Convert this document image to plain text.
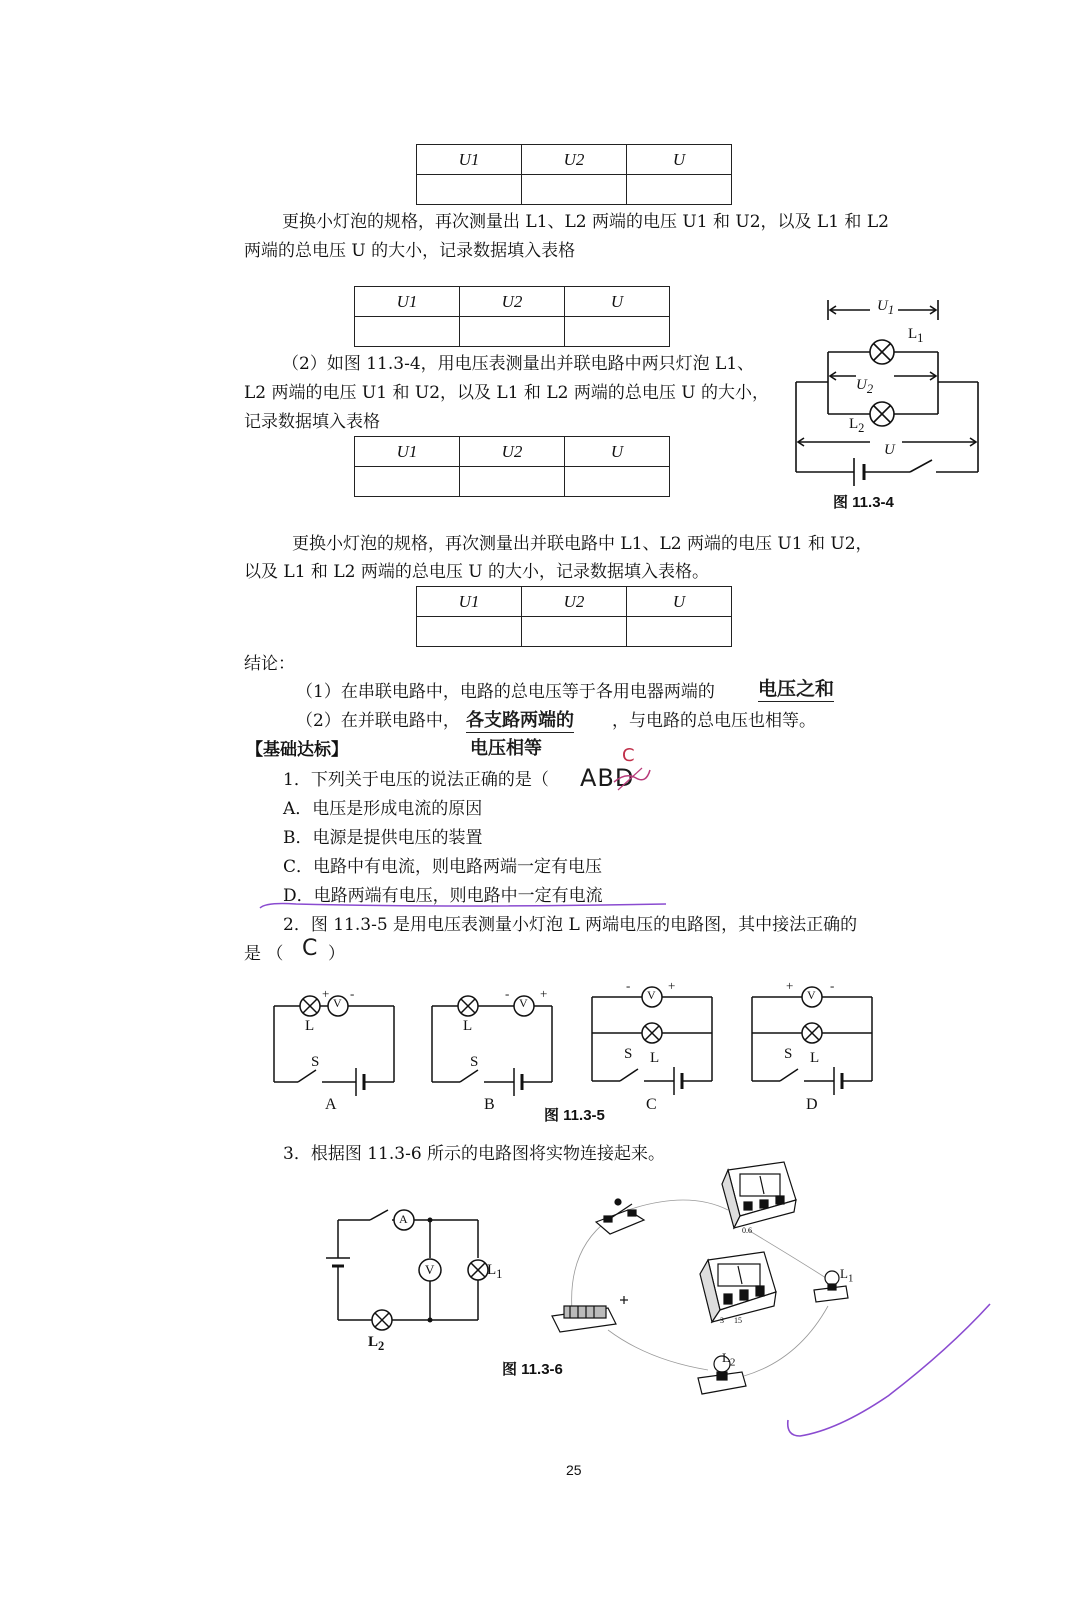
U1	U2	U

更换小灯泡的规格，再次测量出 L1、L2 两端的电压 U1 和 U2，以及 L1 和 L2
两端的总电压 U 的大小，记录数据填入表格
U1	U2	U

（2）如图 11.3-4，用电压表测量出并联电路中两只灯泡 L1、
L2 两端的电压 U1 和 U2，以及 L1 和 L2 两端的总电压 U 的大小，
记录数据填入表格
U1	U2	U

$U_1$
$L_1$
$U_2$
$L_2$
U
图 11.3-4
更换小灯泡的规格，再次测量出并联电路中 L1、L2 两端的电压 U1 和 U2，
以及 L1 和 L2 两端的总电压 U 的大小，记录数据填入表格。
U1	U2	U

结论：
（1）在串联电路中，电路的总电压等于各用电器两端的 电压之和
（2）在并联电路中， 各支路两端的 ，与电路的总电压也相等。
电压相等
【基础达标】
1．下列关于电压的说法正确的是（ ABD
C
A．电压是形成电流的原因
B．电源是提供电压的装置
C．电路中有电流，则电路两端一定有电压
D．电路两端有电压，则电路中一定有电流
2．图 11.3-5 是用电压表测量小灯泡 L 两端电压的电路图，其中接法正确的
是 （ C ）
V
+ -
L
S
A
V
- +
L
S
B
V
-	+
S L
C
V
+	-
S L
D
图 11.3-5
3．根据图 11.3-6 所示的电路图将实物连接起来。
A
V	$L_1$
$L_2$
图 11.3-6
$L_1$
$L_2$
0.6
3 15
25
